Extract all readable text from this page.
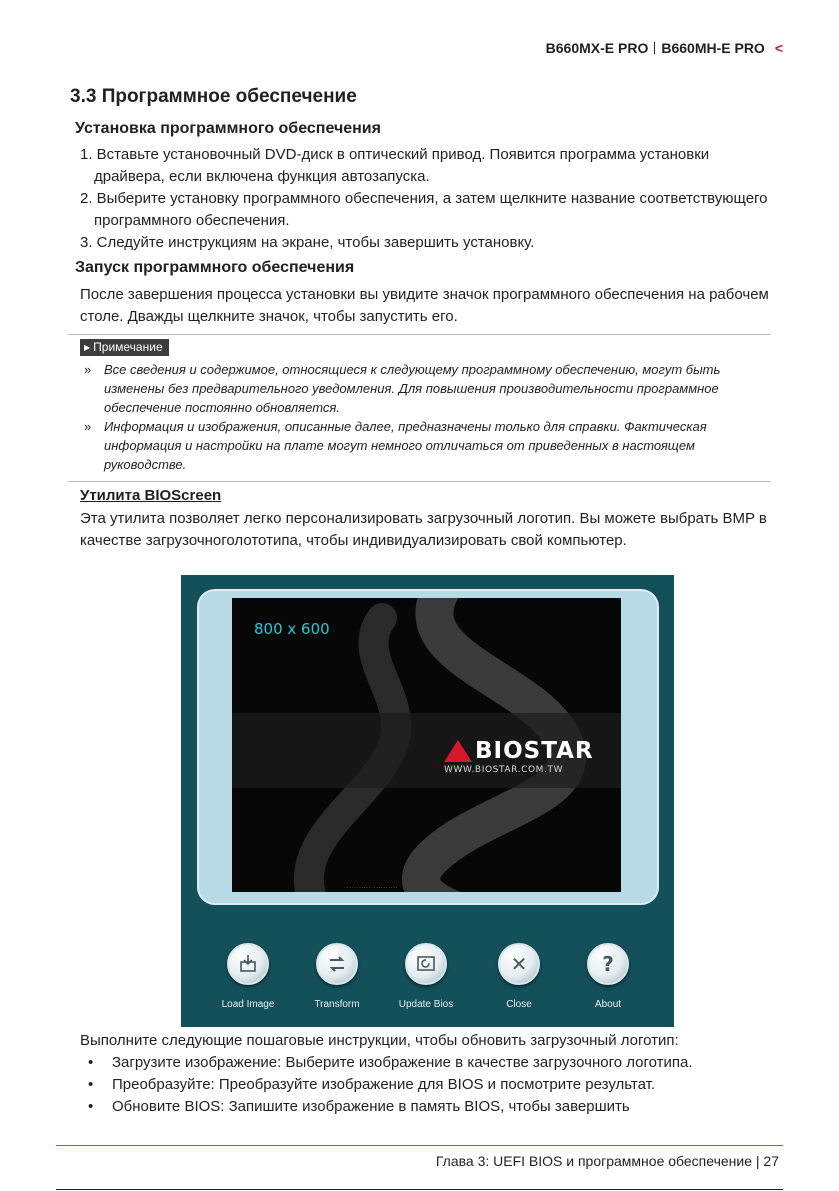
B660MX-E PRO B660MH-E PRO <
3.3 Программное обеспечение
Установка программного обеспечения
1. Вставьте установочный DVD-диск в оптический привод. Появится программа установки драйвера, если включена функция автозапуска.
2. Выберите установку программного обеспечения, а затем щелкните название соответствующего программного обеспечения.
3. Следуйте инструкциям на экране, чтобы завершить установку.
Запуск программного обеспечения
После завершения процесса установки вы увидите значок программного обеспечения на рабочем столе. Дважды щелкните значок, чтобы запустить его.
▶ Примечание
» Все сведения и содержимое, относящиеся к следующему программному обеспечению, могут быть изменены без предварительного уведомления. Для повышения производительности программное обеспечение постоянно обновляется.
» Информация и изображения, описанные далее, предназначены только для справки. Фактическая информация и настройки на плате могут немного отличаться от приведенных в настоящем руководстве.
Утилита BIOScreen
Эта утилита позволяет легко персонализировать загрузочный логотип. Вы можете выбрать BMP в качестве загрузочноголототипа, чтобы индивидуализировать свой компьютер.
800 x 600
BIOSTAR
WWW.BIOSTAR.COM.TW
· · · · · · · · · · · · · · · · · · · · ·
Load Image	Transform	Update Bios
✕
Close
?
About
Выполните следующие пошаговые инструкции, чтобы обновить загрузочный логотип:
• Загрузите изображение: Выберите изображение в качестве загрузочного логотипа.
• Преобразуйте: Преобразуйте изображение для BIOS и посмотрите результат.
• Обновите BIOS: Запишите изображение в память BIOS, чтобы завершить
Глава 3: UEFI BIOS и программное обеспечение | 27
